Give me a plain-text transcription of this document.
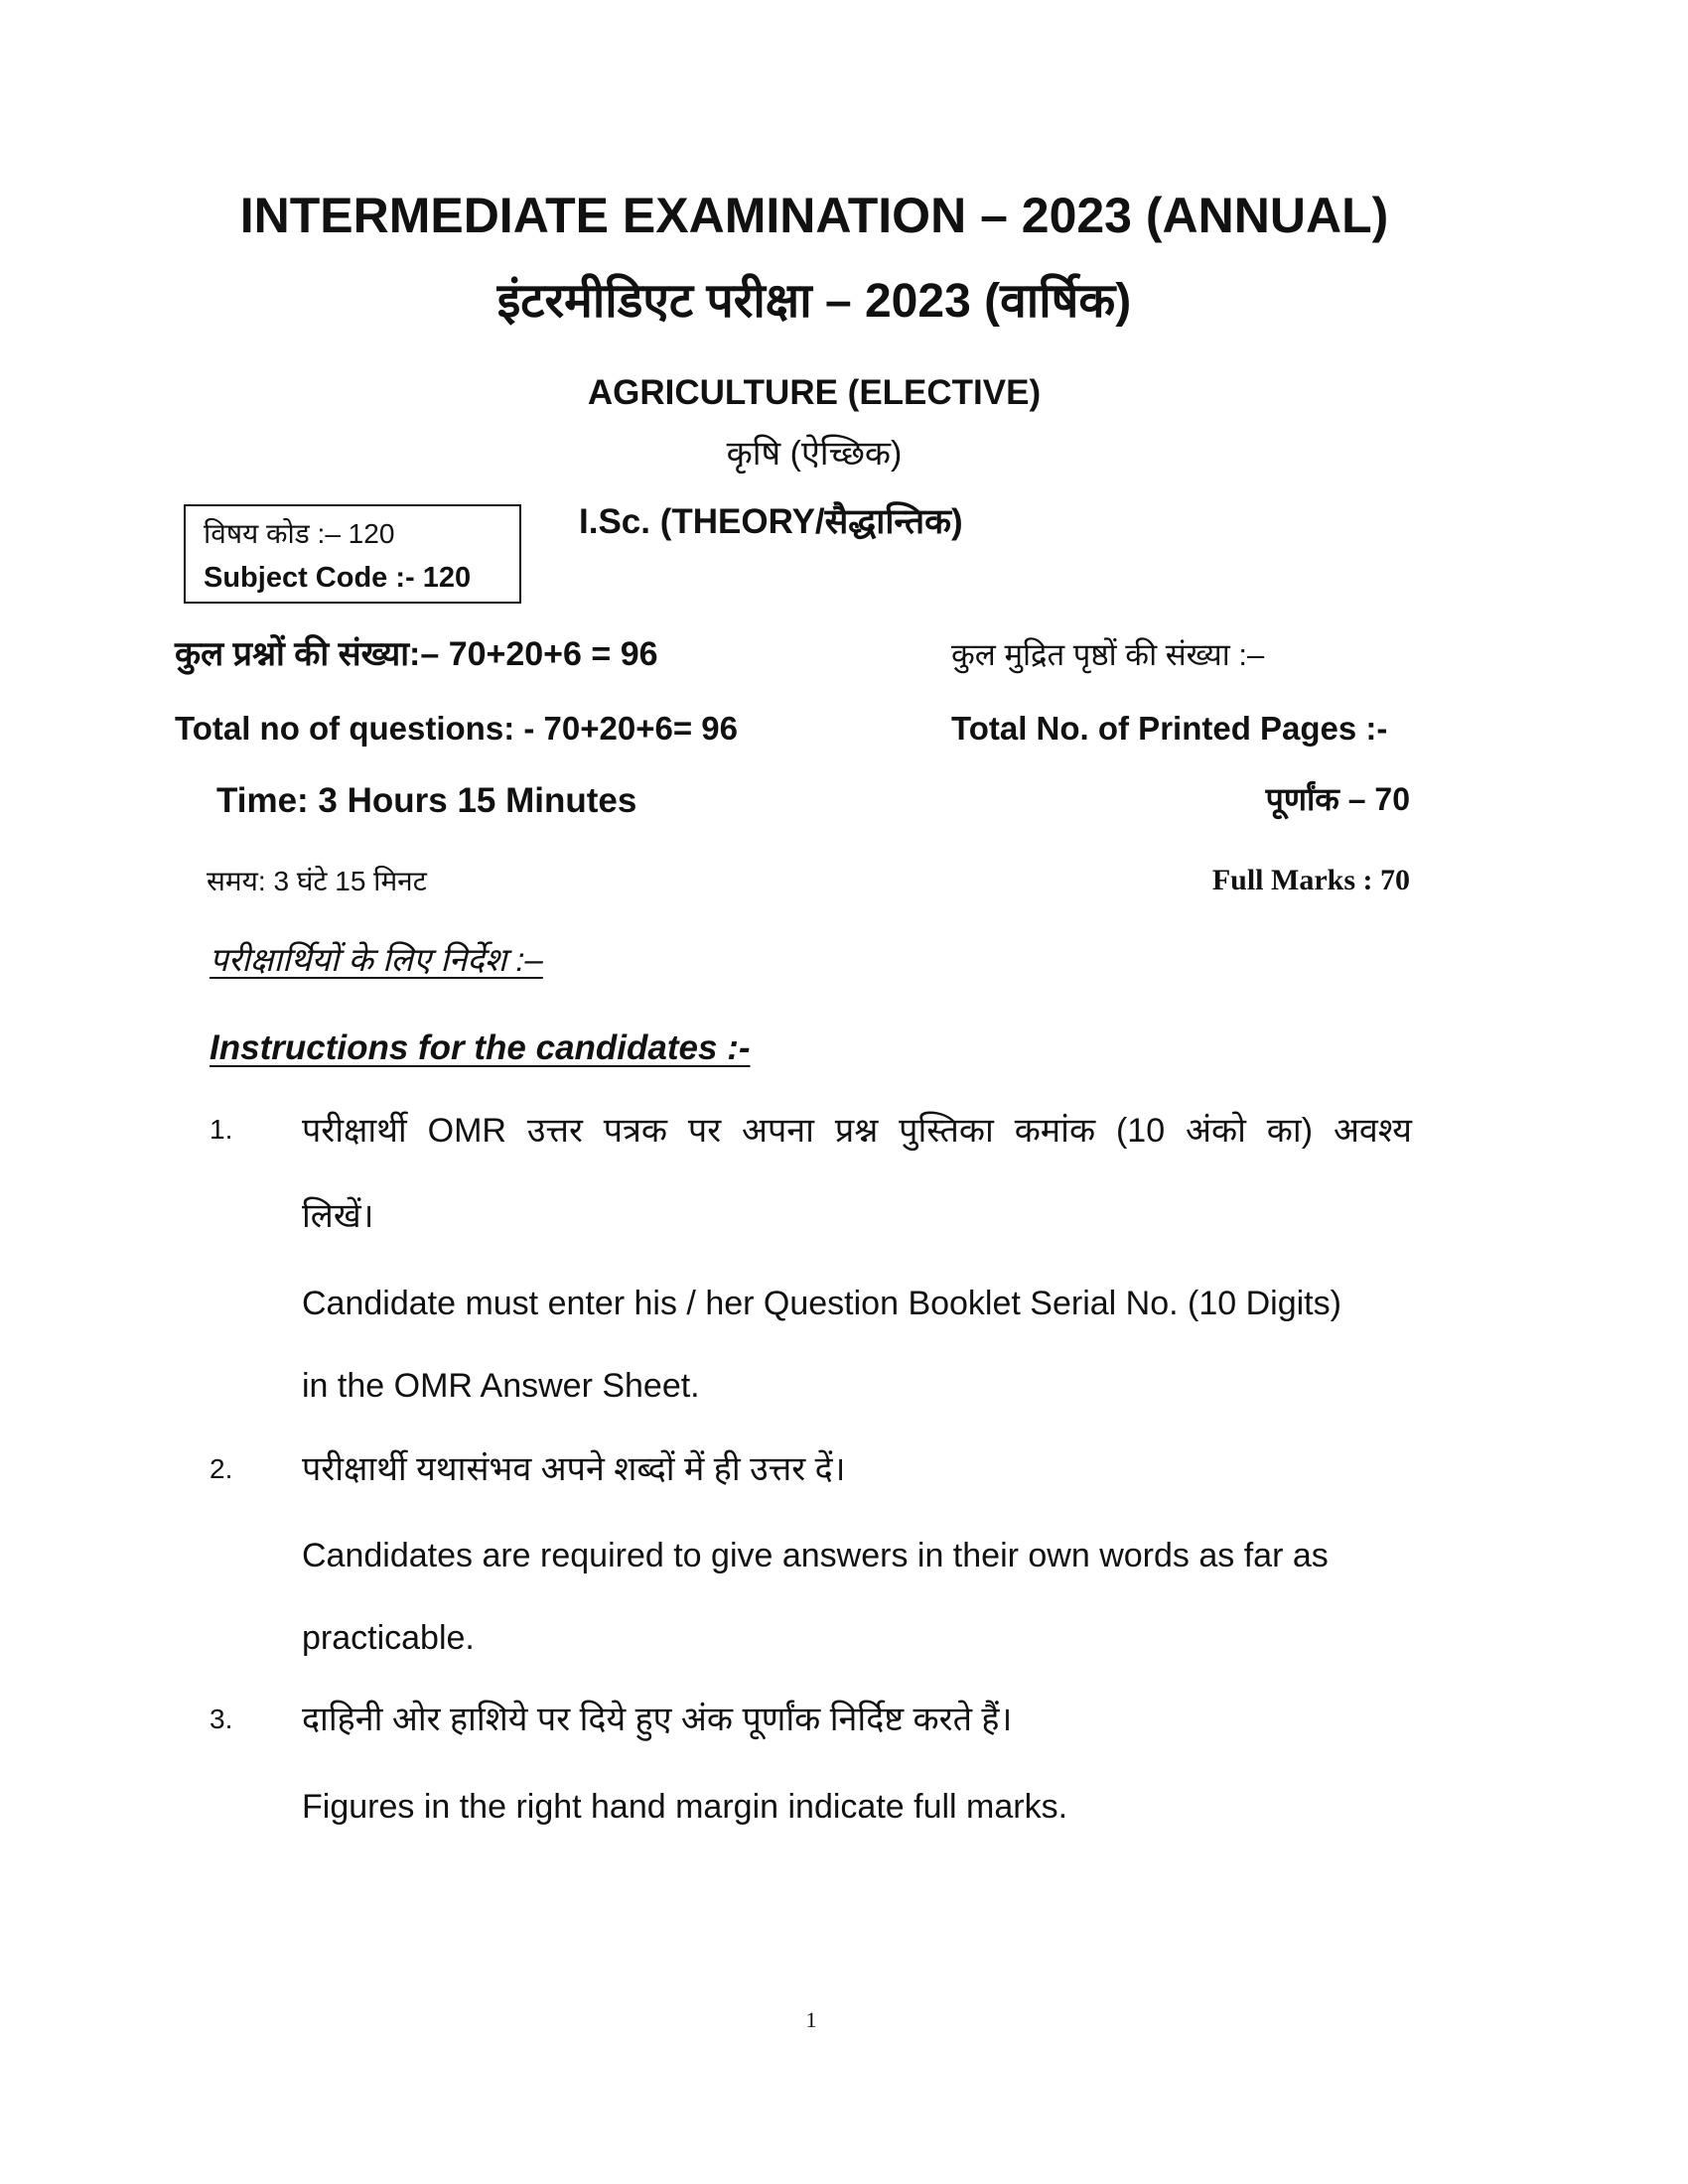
INTERMEDIATE EXAMINATION – 2023 (ANNUAL)
इंटरमीडिएट परीक्षा – 2023 (वार्षिक)
AGRICULTURE (ELECTIVE)
कृषि (ऐच्छिक)
विषय कोड :– 120
Subject Code :- 120
I.Sc. (THEORY/सैद्धान्तिक)
कुल प्रश्नों की संख्या:– 70+20+6 = 96	कुल मुद्रित पृष्ठों की संख्या :–
Total no of questions: - 70+20+6= 96	Total No. of Printed Pages :-
Time: 3 Hours 15 Minutes	पूर्णांक – 70
समय: 3 घंटे 15 मिनट	Full Marks : 70
परीक्षार्थियों के लिए निर्देश :–
Instructions for the candidates :-
1. परीक्षार्थी OMR उत्तर पत्रक पर अपना प्रश्न पुस्तिका कमांक (10 अंको का) अवश्य
लिखें।
Candidate must enter his / her Question Booklet Serial No. (10 Digits)
in the OMR Answer Sheet.
2. परीक्षार्थी यथासंभव अपने शब्दों में ही उत्तर दें।
Candidates are required to give answers in their own words as far as
practicable.
3. दाहिनी ओर हाशिये पर दिये हुए अंक पूर्णांक निर्दिष्ट करते हैं।
Figures in the right hand margin indicate full marks.
1
